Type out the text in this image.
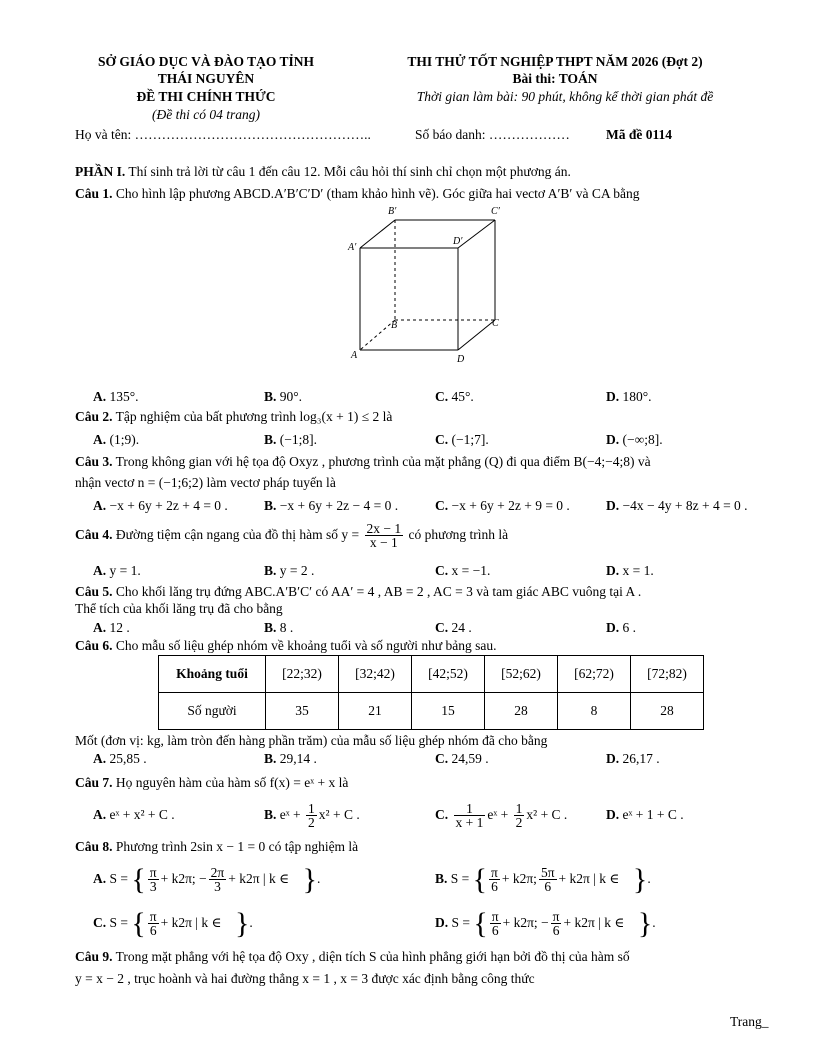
SỞ GIÁO DỤC VÀ ĐÀO TẠO TỈNH
THÁI NGUYÊN
ĐỀ THI CHÍNH THỨC
(Đề thi có 04 trang)
THI THỬ TỐT NGHIỆP THPT NĂM 2026 (Đợt 2)
Bài thi: TOÁN
Thời gian làm bài: 90 phút, không kể thời gian phát đề
Họ và tên: ……………………………………………..	Số báo danh: ………………	Mã đề 0114
PHẦN I. Thí sinh trả lời từ câu 1 đến câu 12. Mỗi câu hỏi thí sinh chỉ chọn một phương án.
Câu 1. Cho hình lập phương ABCD.A′B′C′D′ (tham khảo hình vẽ). Góc giữa hai vectơ A′B′ và CA bằng
B′	C′
A′
D′
B	C
A	D
A. 135°.	B. 90°.	C. 45°.	D. 180°.
Câu 2. Tập nghiệm của bất phương trình log₃(x + 1) ≤ 2 là
A. (1;9).	B. (−1;8].	C. (−1;7].	D. (−∞;8].
Câu 3. Trong không gian với hệ tọa độ Oxyz , phương trình của mặt phẳng (Q) đi qua điểm B(−4;−4;8) và
nhận vectơ n = (−1;6;2) làm vectơ pháp tuyến là
A. −x + 6y + 2z + 4 = 0 .	B. −x + 6y + 2z − 4 = 0 .	C. −x + 6y + 2z + 9 = 0 .	D. −4x − 4y + 8z + 4 = 0 .
Câu 4. Đường tiệm cận ngang của đồ thị hàm số $y = \frac{2x - 1}{x - 1}$ có phương trình là
A. y = 1.	B. y = 2 .	C. x = −1.	D. x = 1.
Câu 5. Cho khối lăng trụ đứng ABC.A′B′C′ có AA′ = 4 , AB = 2 , AC = 3 và tam giác ABC vuông tại A .
Thể tích của khối lăng trụ đã cho bằng
A. 12 .	B. 8 .	C. 24 .	D. 6 .
Câu 6. Cho mẫu số liệu ghép nhóm về khoảng tuổi và số người như bảng sau.
Khoảng tuổi	[22;32)	[32;42)	[42;52)	[52;62)	[62;72)	[72;82)
Số người	35	21	15	28	8	28
Mốt (đơn vị: kg, làm tròn đến hàng phần trăm) của mẫu số liệu ghép nhóm đã cho bằng
A. 25,85 .	B. 29,14 .	C. 24,59 .	D. 26,17 .
Câu 7. Họ nguyên hàm của hàm số f(x) = eˣ + x là
A. eˣ + x² + C .	B. eˣ + $\frac{1}{2} x^2 + C$ .	C. $\frac{1}{x + 1}$ eˣ + $\frac{1}{2} x^2 + C$ .	D. eˣ + 1 + C .
Câu 8. Phương trình 2sin x − 1 = 0 có tập nghiệm là
A. S = { $\frac{\pi}{3} + k2\pi$; − $\frac{2\pi}{3} + k2\pi$ | k ∈ }.	B. S = { $\frac{\pi}{6} + k2\pi$; $\frac{5\pi}{6} + k2\pi$ | k ∈ }.
C. S = { $\frac{\pi}{6} + k2\pi$ | k ∈ }.	D. S = { $\frac{\pi}{6} + k2\pi$; − $\frac{\pi}{6} + k2\pi$ | k ∈ }.
Câu 9. Trong mặt phẳng với hệ tọa độ Oxy , diện tích S của hình phẳng giới hạn bởi đồ thị của hàm số
y = x − 2 , trục hoành và hai đường thẳng x = 1 , x = 3 được xác định bằng công thức
Trang_
